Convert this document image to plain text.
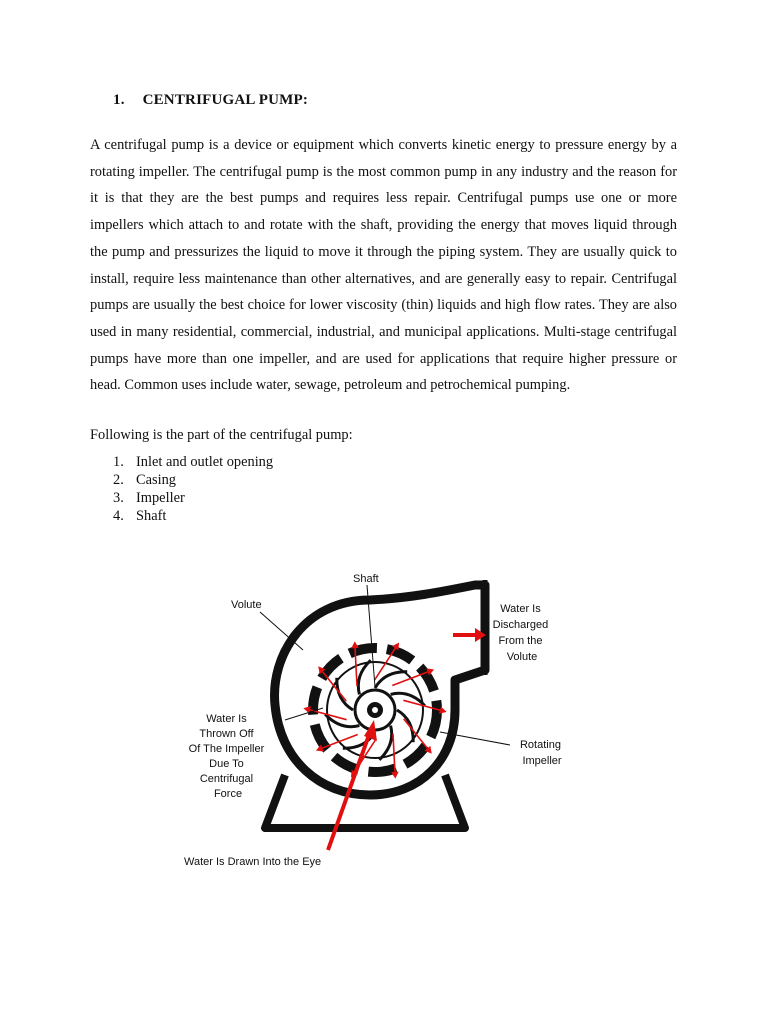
1. CENTRIFUGAL PUMP:
A centrifugal pump is a device or equipment which converts kinetic energy to pressure energy by a rotating impeller. The centrifugal pump is the most common pump in any industry and the reason for it is that they are the best pumps and requires less repair. Centrifugal pumps use one or more impellers which attach to and rotate with the shaft, providing the energy that moves liquid through the pump and pressurizes the liquid to move it through the piping system. They are usually quick to install, require less maintenance than other alternatives, and are generally easy to repair. Centrifugal pumps are usually the best choice for lower viscosity (thin) liquids and high flow rates. They are also used in many residential, commercial, industrial, and municipal applications. Multi-stage centrifugal pumps have more than one impeller, and are used for applications that require higher pressure or head. Common uses include water, sewage, petroleum and petrochemical pumping.
Following is the part of the centrifugal pump:
1. Inlet and outlet opening
2. Casing
3. Impeller
4. Shaft
Shaft
Volute	Water Is Discharged From the Volute
Water Is Thrown Off Of The Impeller Due To Centrifugal Force
Rotating Impeller
Water Is Drawn Into the Eye
